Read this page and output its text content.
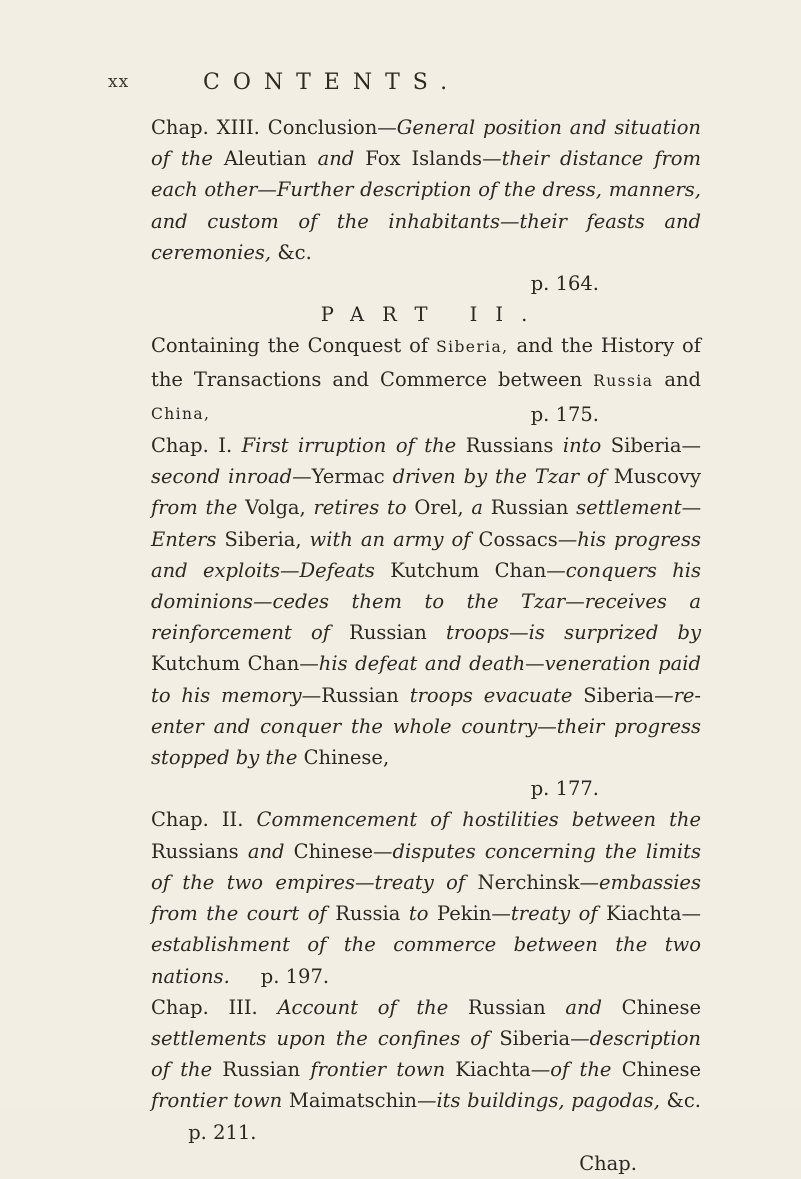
xx	CONTENTS.

Chap. XIII. Conclusion—General position and situation of the Aleutian and Fox Islands—their distance from each other—Further description of the dress, manners, and custom of the inhabitants—their feasts and ceremonies, &c.

p. 164.

PART II.

Containing the Conquest of Siberia, and the History of the Transactions and Commerce between Russia and China,	p. 175.

Chap. I. First irruption of the Russians into Siberia—second inroad—Yermac driven by the Tzar of Muscovy from the Volga, retires to Orel, a Russian settlement—Enters Siberia, with an army of Cossacs—his progress and exploits—Defeats Kutchum Chan—conquers his dominions—cedes them to the Tzar—receives a reinforcement of Russian troops—is surprized by Kutchum Chan—his defeat and death—veneration paid to his memory—Russian troops evacuate Siberia—re-enter and conquer the whole country—their progress stopped by the Chinese,

p. 177.

Chap. II. Commencement of hostilities between the Russians and Chinese—disputes concerning the limits of the two empires—treaty of Nerchinsk—embassies from the court of Russia to Pekin—treaty of Kiachta—establishment of the commerce between the two nations. p. 197.

Chap. III. Account of the Russian and Chinese settlements upon the confines of Siberia—description of the Russian frontier town Kiachta—of the Chinese frontier town Maimatschin—its buildings, pagodas, &c.       p. 211.

Chap.
